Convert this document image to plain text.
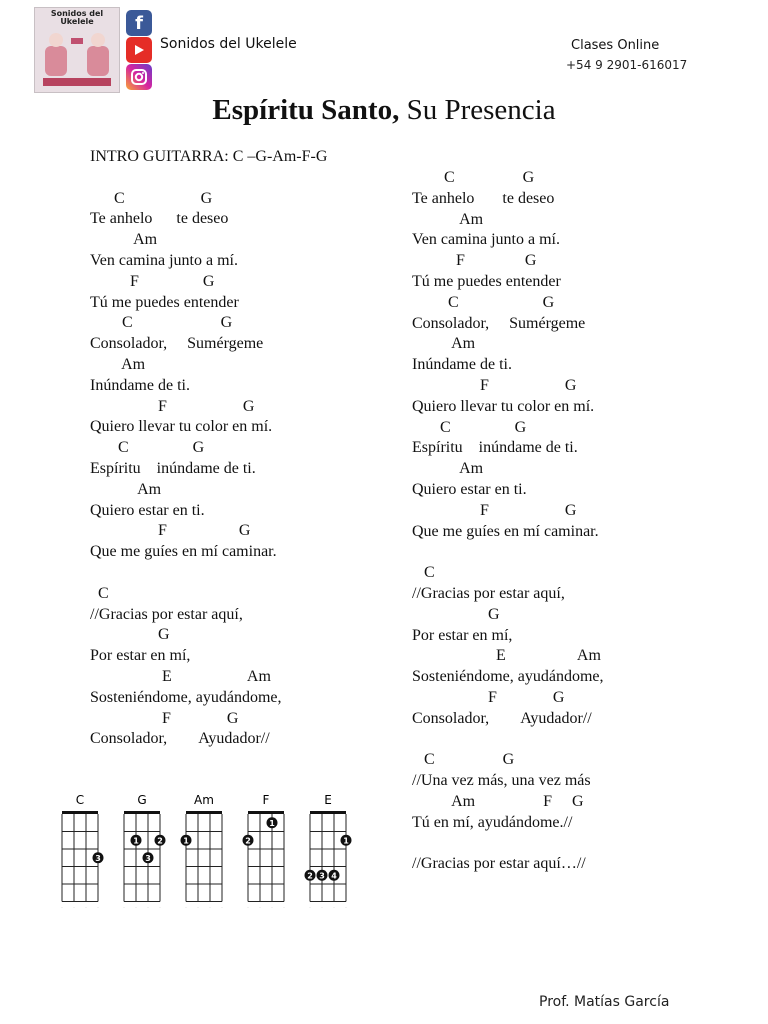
Sonidos del Ukelele	f
Sonidos del Ukelele	Clases Online
+54 9 2901-616017
Espíritu Santo, Su Presencia
INTRO GUITARRA: C –G-Am-F-G
C                   G
Te anhelo      te deseo
Am
Ven camina junto a mí.
F                G
Tú me puedes entender
C                      G
Consolador,     Sumérgeme
Am
Inúndame de ti.
F                   G
Quiero llevar tu color en mí.
C                G
Espíritu    inúndame de ti.
Am
Quiero estar en ti.
F                  G
Que me guíes en mí caminar.
C
//Gracias por estar aquí,
G
Por estar en mí,
E                   Am
Sosteniéndome, ayudándome,
F              G
Consolador,        Ayudador//
C                 G
Te anhelo       te deseo
Am
Ven camina junto a mí.
F               G
Tú me puedes entender
C                     G
Consolador,     Sumérgeme
Am
Inúndame de ti.
F                   G
Quiero llevar tu color en mí.
C                G
Espíritu    inúndame de ti.
Am
Quiero estar en ti.
F                   G
Que me guíes en mí caminar.
C
//Gracias por estar aquí,
G
Por estar en mí,
E                  Am
Sosteniéndome, ayudándome,
F              G
Consolador,        Ayudador//
C                 G
//Una vez más, una vez más
Am                 F     G
Tú en mí, ayudándome.//
//Gracias por estar aquí…//
C
3
G
1 2
3
Am
1
F
1
2
E
1
2 3 4
Prof. Matías García
